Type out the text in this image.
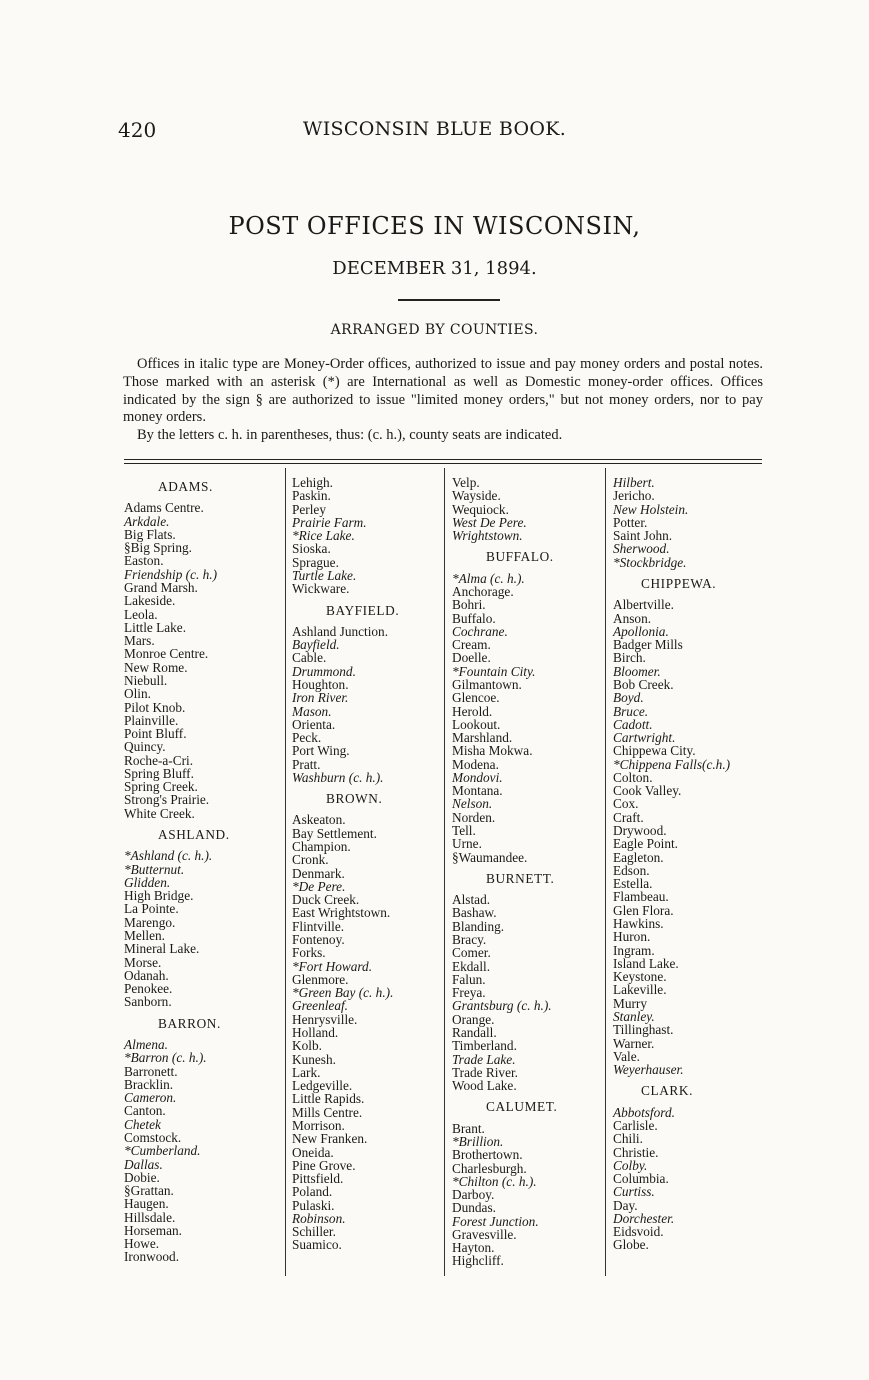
420	WISCONSIN BLUE BOOK.
POST OFFICES IN WISCONSIN,
DECEMBER 31, 1894.
ARRANGED BY COUNTIES.

Offices in italic type are Money-Order offices, authorized to issue and pay money orders and postal notes. Those marked with an asterisk (*) are International as well as Domestic money-order offices. Offices indicated by the sign § are authorized to issue "limited money orders," but not money orders, nor to pay money orders.

By the letters c. h. in parentheses, thus: (c. h.), county seats are indicated.

ADAMS.
Adams Centre.
Arkdale.
Big Flats.
§Big Spring.
Easton.
Friendship (c. h.)
Grand Marsh.
Lakeside.
Leola.
Little Lake.
Mars.
Monroe Centre.
New Rome.
Niebull.
Olin.
Pilot Knob.
Plainville.
Point Bluff.
Quincy.
Roche-a-Cri.
Spring Bluff.
Spring Creek.
Strong's Prairie.
White Creek.
ASHLAND.
*Ashland (c. h.).
*Butternut.
Glidden.
High Bridge.
La Pointe.
Marengo.
Mellen.
Mineral Lake.
Morse.
Odanah.
Penokee.
Sanborn.
BARRON.
Almena.
*Barron (c. h.).
Barronett.
Bracklin.
Cameron.
Canton.
Chetek
Comstock.
*Cumberland.
Dallas.
Dobie.
§Grattan.
Haugen.
Hillsdale.
Horseman.
Howe.
Ironwood.
Lehigh.
Paskin.
Perley
Prairie Farm.
*Rice Lake.
Sioska.
Sprague.
Turtle Lake.
Wickware.
BAYFIELD.
Ashland Junction.
Bayfield.
Cable.
Drummond.
Houghton.
Iron River.
Mason.
Orienta.
Peck.
Port Wing.
Pratt.
Washburn (c. h.).
BROWN.
Askeaton.
Bay Settlement.
Champion.
Cronk.
Denmark.
*De Pere.
Duck Creek.
East Wrightstown.
Flintville.
Fontenoy.
Forks.
*Fort Howard.
Glenmore.
*Green Bay (c. h.).
Greenleaf.
Henrysville.
Holland.
Kolb.
Kunesh.
Lark.
Ledgeville.
Little Rapids.
Mills Centre.
Morrison.
New Franken.
Oneida.
Pine Grove.
Pittsfield.
Poland.
Pulaski.
Robinson.
Schiller.
Suamico.
Velp.
Wayside.
Wequiock.
West De Pere.
Wrightstown.
BUFFALO.
*Alma (c. h.).
Anchorage.
Bohri.
Buffalo.
Cochrane.
Cream.
Doelle.
*Fountain City.
Gilmantown.
Glencoe.
Herold.
Lookout.
Marshland.
Misha Mokwa.
Modena.
Mondovi.
Montana.
Nelson.
Norden.
Tell.
Urne.
§Waumandee.
BURNETT.
Alstad.
Bashaw.
Blanding.
Bracy.
Comer.
Ekdall.
Falun.
Freya.
Grantsburg (c. h.).
Orange.
Randall.
Timberland.
Trade Lake.
Trade River.
Wood Lake.
CALUMET.
Brant.
*Brillion.
Brothertown.
Charlesburgh.
*Chilton (c. h.).
Darboy.
Dundas.
Forest Junction.
Gravesville.
Hayton.
Highcliff.
Hilbert.
Jericho.
New Holstein.
Potter.
Saint John.
Sherwood.
*Stockbridge.
CHIPPEWA.
Albertville.
Anson.
Apollonia.
Badger Mills
Birch.
Bloomer.
Bob Creek.
Boyd.
Bruce.
Cadott.
Cartwright.
Chippewa City.
*Chippena Falls(c.h.)
Colton.
Cook Valley.
Cox.
Craft.
Drywood.
Eagle Point.
Eagleton.
Edson.
Estella.
Flambeau.
Glen Flora.
Hawkins.
Huron.
Ingram.
Island Lake.
Keystone.
Lakeville.
Murry
Stanley.
Tillinghast.
Warner.
Vale.
Weyerhauser.
CLARK.
Abbotsford.
Carlisle.
Chili.
Christie.
Colby.
Columbia.
Curtiss.
Day.
Dorchester.
Eidsvoid.
Globe.
